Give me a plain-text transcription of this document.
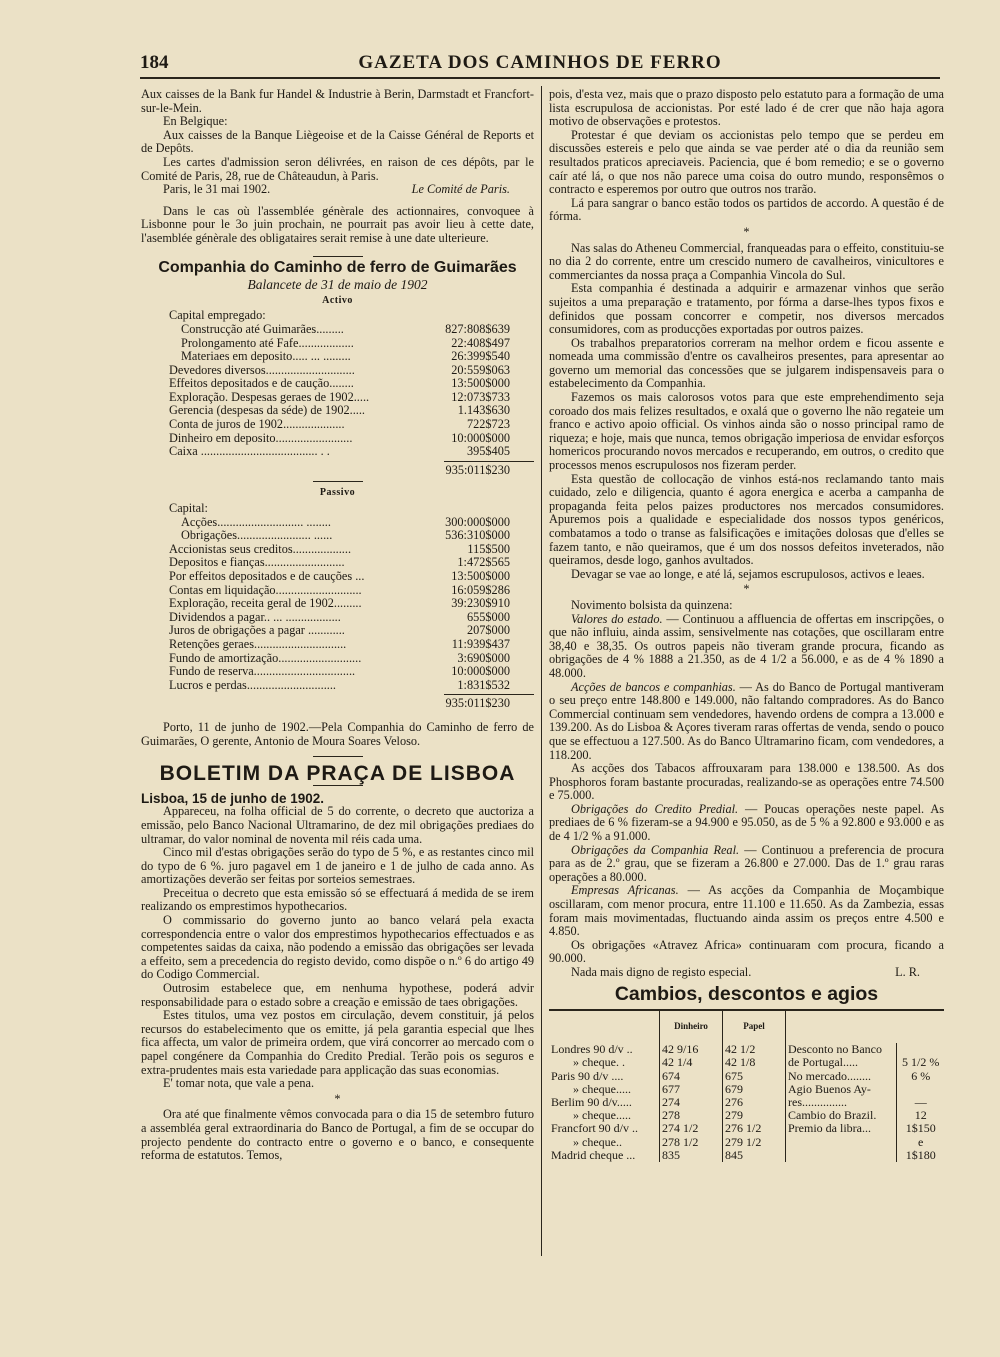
184	GAZETA DOS CAMINHOS DE FERRO

Aux caisses de la Bank fur Handel & Industrie à Berin, Darmstadt et Francfort-sur-le-Mein.

En Belgique:

Aux caisses de la Banque Liègeoise et de la Caisse Général de Reports et de Depôts.

Les cartes d'admission seron délivrées, en raison de ces dépôts, par le Comité de Paris, 28, rue de Châteaudun, à Paris.

Paris, le 31 mai 1902.	Le Comité de Paris.

Dans le cas où l'assemblée génèrale des actionnaires, convoquee à Lisbonne pour le 3o juin prochain, ne pourrait pas avoir lieu à cette date, l'asemblée génèrale des obligataires serait remise à une date ulterieure.

Companhia do Caminho de ferro de Guimarães
Balancete de 31 de maio de 1902
Activo
Capital empregado:
Construcção até Guimarães.........	827:808$639
Prolongamento até Fafe..................	22:408$497
Materiaes em deposito..... ... .........	26:399$540
Devedores diversos.............................	20:559$063
Effeitos depositados e de caução........	13:500$000
Exploração. Despesas geraes de 1902.....	12:073$733
Gerencia (despesas da séde) de 1902.....	1.143$630
Conta de juros de 1902....................	722$723
Dinheiro em deposito.........................	10:000$000
Caixa ...................................... . .	395$405
935:011$230
Passivo
Capital:
Acções............................ ........	300:000$000
Obrigações........................ ......	536:310$000
Accionistas seus creditos...................	115$500
Depositos e fianças..........................	1:472$565
Por effeitos depositados e de cauções ...	13:500$000
Contas em liquidação............................	16:059$286
Exploração, receita geral de 1902.........	39:230$910
Dividendos a pagar.. ... ..................	655$000
Juros de obrigações a pagar ............	207$000
Retenções geraes..............................	11:939$437
Fundo de amortização...........................	3:690$000
Fundo de reserva.................................	10:000$000
Lucros e perdas.............................	1:831$532
935:011$230

Porto, 11 de junho de 1902.—Pela Companhia do Caminho de ferro de Guimarães, O gerente, Antonio de Moura Soares Veloso.

BOLETIM DA PRAÇA DE LISBOA
Lisboa, 15 de junho de 1902.

Appareceu, na folha official de 5 do corrente, o decreto que auctoriza a emissão, pelo Banco Nacional Ultramarino, de dez mil obrigações prediaes do ultramar, do valor nominal de noventa mil réis cada uma.

Cinco mil d'estas obrigações serão do typo de 5 %, e as restantes cinco mil do typo de 6 %. juro pagavel em 1 de janeiro e 1 de julho de cada anno. As amortizações deverão ser feitas por sorteios semestraes.

Preceitua o decreto que esta emissão só se effectuará á medida de se irem realizando os emprestimos hypothecarios.

O commissario do governo junto ao banco velará pela exacta correspondencia entre o valor dos emprestimos hypothecarios effectuados e as competentes saidas da caixa, não podendo a emissão das obrigações ser levada a effeito, sem a precedencia do registo devido, como dispõe o n.º 6 do artigo 49 do Codigo Commercial.

Outrosim estabelece que, em nenhuma hypothese, poderá advir responsabilidade para o estado sobre a creação e emissão de taes obrigações.

Estes titulos, uma vez postos em circulação, devem constituir, já pelos recursos do estabelecimento que os emitte, já pela garantia especial que lhes fica affecta, um valor de primeira ordem, que virá concorrer ao mercado com o papel congénere da Companhia do Credito Predial. Terão pois os seguros e extra-prudentes mais esta variedade para applicação das suas economias.

E' tomar nota, que vale a pena.

*

Ora até que finalmente vêmos convocada para o dia 15 de setembro futuro a assembléa geral extraordinaria do Banco de Portugal, a fim de se occupar do projecto pendente do contracto entre o governo e o banco, e consequente reforma de estatutos. Temos,

pois, d'esta vez, mais que o prazo disposto pelo estatuto para a formação de uma lista escrupulosa de accionistas. Por esté lado é de crer que não haja agora motivo de observações e protestos.

Protestar é que deviam os accionistas pelo tempo que se perdeu em discussões estereis e pelo que ainda se vae perder até o dia da reunião sem resultados praticos apreciaveis. Paciencia, que é bom remedio; e se o governo caír até lá, o que nos não parece uma coisa do outro mundo, responsêmos o contracto e esperemos por outro que outros nos trarão.

Lá para sangrar o banco estão todos os partidos de accordo. A questão é de fórma.

*

Nas salas do Atheneu Commercial, franqueadas para o effeito, constituiu-se no dia 2 do corrente, entre um crescido numero de cavalheiros, vinicultores e commerciantes da nossa praça a Companhia Vincola do Sul.

Esta companhia é destinada a adquirir e armazenar vinhos que serão sujeitos a uma preparação e tratamento, por fórma a darse-lhes typos fixos e definidos que possam concorrer e competir, nos diversos mercados consumidores, com as producções exportadas por outros paizes.

Os trabalhos preparatorios correram na melhor ordem e ficou assente e nomeada uma commissão d'entre os cavalheiros presentes, para apresentar ao governo um memorial das concessões que se julgarem indispensaveis para o estabelecimento da Companhia.

Fazemos os mais calorosos votos para que este emprehendimento seja coroado dos mais felizes resultados, e oxalá que o governo lhe não regateie um franco e activo apoio official. Os vinhos ainda são o nosso principal ramo de riqueza; e hoje, mais que nunca, temos obrigação imperiosa de envidar esforços homericos procurando novos mercados e recuperando, em outros, o credito que processos menos escrupulosos nos fizeram perder.

Esta questão de collocação de vinhos está-nos reclamando tanto mais cuidado, zelo e diligencia, quanto é agora energica e acerba a campanha de propaganda feita pelos paizes productores nos mercados consumidores. Apuremos pois a qualidade e especialidade dos nossos typos genéricos, combatamos a todo o transe as falsificações e imitações dolosas que d'elles se fazem tanto, e não queiramos, que é um dos nossos defeitos inveterados, não queiramos, desde logo, ganhos avultados.

Devagar se vae ao longe, e até lá, sejamos escrupulosos, activos e leaes.

*

Novimento bolsista da quinzena:

Valores do estado. — Continuou a affluencia de offertas em inscripções, o que não influiu, ainda assim, sensivelmente nas cotações, que oscillaram entre 38,40 e 38,35. Os outros papeis não tiveram grande procura, ficando as obrigações de 4 % 1888 a 21.350, as de 4 1/2 a 56.000, e as de 4 % 1890 a 48.000.

Acções de bancos e companhias. — As do Banco de Portugal mantiveram o seu preço entre 148.800 e 149.000, não faltando compradores. As do Banco Commercial continuam sem vendedores, havendo ordens de compra a 13.000 e 139.200. As do Lisboa & Açores tiveram raras offertas de venda, sendo o pouco que se effectuou a 127.500. As do Banco Ultramarino ficam, com vendedores, a 118.200.

As acções dos Tabacos affrouxaram para 138.000 e 138.500. As dos Phosphoros foram bastante procuradas, realizando-se as operações entre 74.500 e 75.000.

Obrigações do Credito Predial. — Poucas operações neste papel. As prediaes de 6 % fizeram-se a 94.900 e 95.050, as de 5 % a 92.800 e 93.000 e as de 4 1/2 % a 91.000.

Obrigações da Companhia Real. — Continuou a preferencia de procura para as de 2.º grau, que se fizeram a 26.800 e 27.000. Das de 1.º grau raras operações a 80.000.

Empresas Africanas. — As acções da Companhia de Moçambique oscillaram, com menor procura, entre 11.100 e 11.650. As da Zambezia, essas foram mais movimentadas, fluctuando ainda assim os preços entre 4.500 e 4.850.

Os obrigações «Atravez Africa» continuaram com procura, ficando a 90.000.

Nada mais digno de registo especial.	L. R.
Cambios, descontos e agios
	Dinheiro	Papel		
Londres 90 d/v ..	42 9/16	42 1/2	Desconto no Banco	
» cheque. .	42 1/4	42 1/8	de Portugal.....	5 1/2 %
Paris 90 d/v ....	674	675	No mercado........	6 %
» cheque.....	677	679	Agio Buenos Ay-	
Berlim 90 d/v.....	274	276	res...............	—
» cheque.....	278	279	Cambio do Brazil.	12
Francfort 90 d/v ..	274 1/2	276 1/2	Premio da libra...	1$150
» cheque..	278 1/2	279 1/2		e
Madrid cheque ...	835	845		1$180
